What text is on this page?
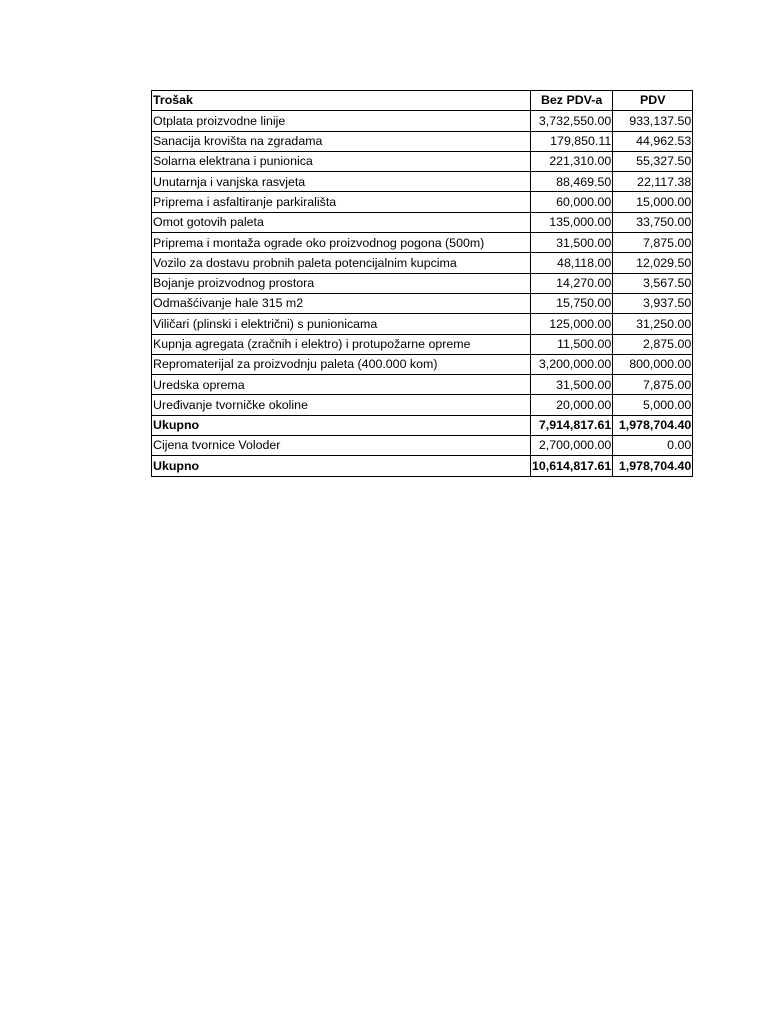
Trošak	Bez PDV-a	PDV
Otplata proizvodne linije	3,732,550.00	933,137.50
Sanacija krovišta na zgradama	179,850.11	44,962.53
Solarna elektrana i punionica	221,310.00	55,327.50
Unutarnja i vanjska rasvjeta	88,469.50	22,117.38
Priprema i asfaltiranje parkirališta	60,000.00	15,000.00
Omot gotovih paleta	135,000.00	33,750.00
Priprema i montaža ograde oko proizvodnog pogona (500m)	31,500.00	7,875.00
Vozilo za dostavu probnih paleta potencijalnim kupcima	48,118.00	12,029.50
Bojanje proizvodnog prostora	14,270.00	3,567.50
Odmašćivanje hale 315 m2	15,750.00	3,937.50
Viličari (plinski i električni) s punionicama	125,000.00	31,250.00
Kupnja agregata (zračnih i elektro) i protupožarne opreme	11,500.00	2,875.00
Repromaterijal za proizvodnju paleta (400.000 kom)	3,200,000.00	800,000.00
Uredska oprema	31,500.00	7,875.00
Uređivanje tvorničke okoline	20,000.00	5,000.00
Ukupno	7,914,817.61	1,978,704.40
Cijena tvornice Voloder	2,700,000.00	0.00
Ukupno	10,614,817.61	1,978,704.40
